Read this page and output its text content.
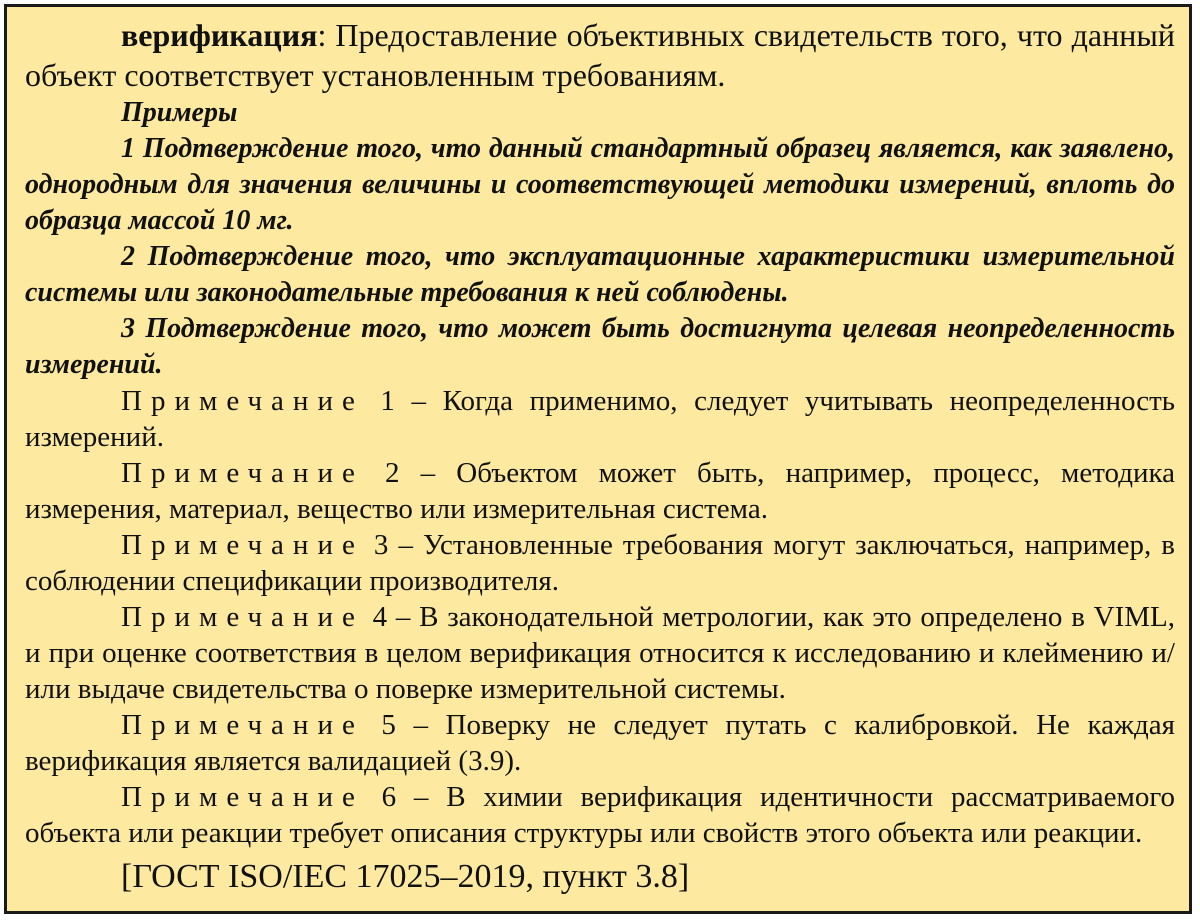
верификация: Предоставление объективных свидетельств того, что данный объект соответствует установленным требованиям.

Примеры

1 Подтверждение того, что данный стандартный образец является, как заявлено, однородным для значения величины и соответствующей методики измерений, вплоть до образца массой 10 мг.

2 Подтверждение того, что эксплуатационные характеристики измерительной системы или законодательные требования к ней соблюдены.

3 Подтверждение того, что может быть достигнута целевая неопределенность измерений.

Примечание 1 – Когда применимо, следует учитывать неопределенность измерений.

Примечание 2 – Объектом может быть, например, процесс, методика измерения, материал, вещество или измерительная система.

Примечание 3 – Установленные требования могут заключаться, например, в соблюдении спецификации производителя.

Примечание 4 – В законодательной метрологии, как это определено в VIML, и при оценке соответствия в целом верификация относится к исследованию и клеймению и/или выдаче свидетельства о поверке измерительной системы.

Примечание 5 – Поверку не следует путать с калибровкой. Не каждая верификация является валидацией (3.9).

Примечание 6 – В химии верификация идентичности рассматриваемого объекта или реакции требует описания структуры или свойств этого объекта или реакции.

[ГОСТ ISO/IEC 17025–2019, пункт 3.8]
